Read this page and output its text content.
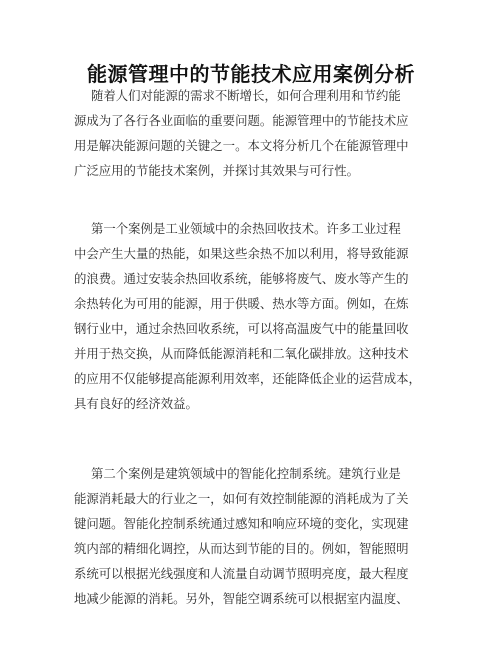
能源管理中的节能技术应用案例分析
随着人们对能源的需求不断增长，如何合理利用和节约能
源成为了各行各业面临的重要问题。能源管理中的节能技术应
用是解决能源问题的关键之一。本文将分析几个在能源管理中
广泛应用的节能技术案例，并探讨其效果与可行性。
第一个案例是工业领域中的余热回收技术。许多工业过程
中会产生大量的热能，如果这些余热不加以利用，将导致能源
的浪费。通过安装余热回收系统，能够将废气、废水等产生的
余热转化为可用的能源，用于供暖、热水等方面。例如，在炼
钢行业中，通过余热回收系统，可以将高温废气中的能量回收
并用于热交换，从而降低能源消耗和二氧化碳排放。这种技术
的应用不仅能够提高能源利用效率，还能降低企业的运营成本，
具有良好的经济效益。
第二个案例是建筑领域中的智能化控制系统。建筑行业是
能源消耗最大的行业之一，如何有效控制能源的消耗成为了关
键问题。智能化控制系统通过感知和响应环境的变化，实现建
筑内部的精细化调控，从而达到节能的目的。例如，智能照明
系统可以根据光线强度和人流量自动调节照明亮度，最大程度
地减少能源的消耗。另外，智能空调系统可以根据室内温度、
